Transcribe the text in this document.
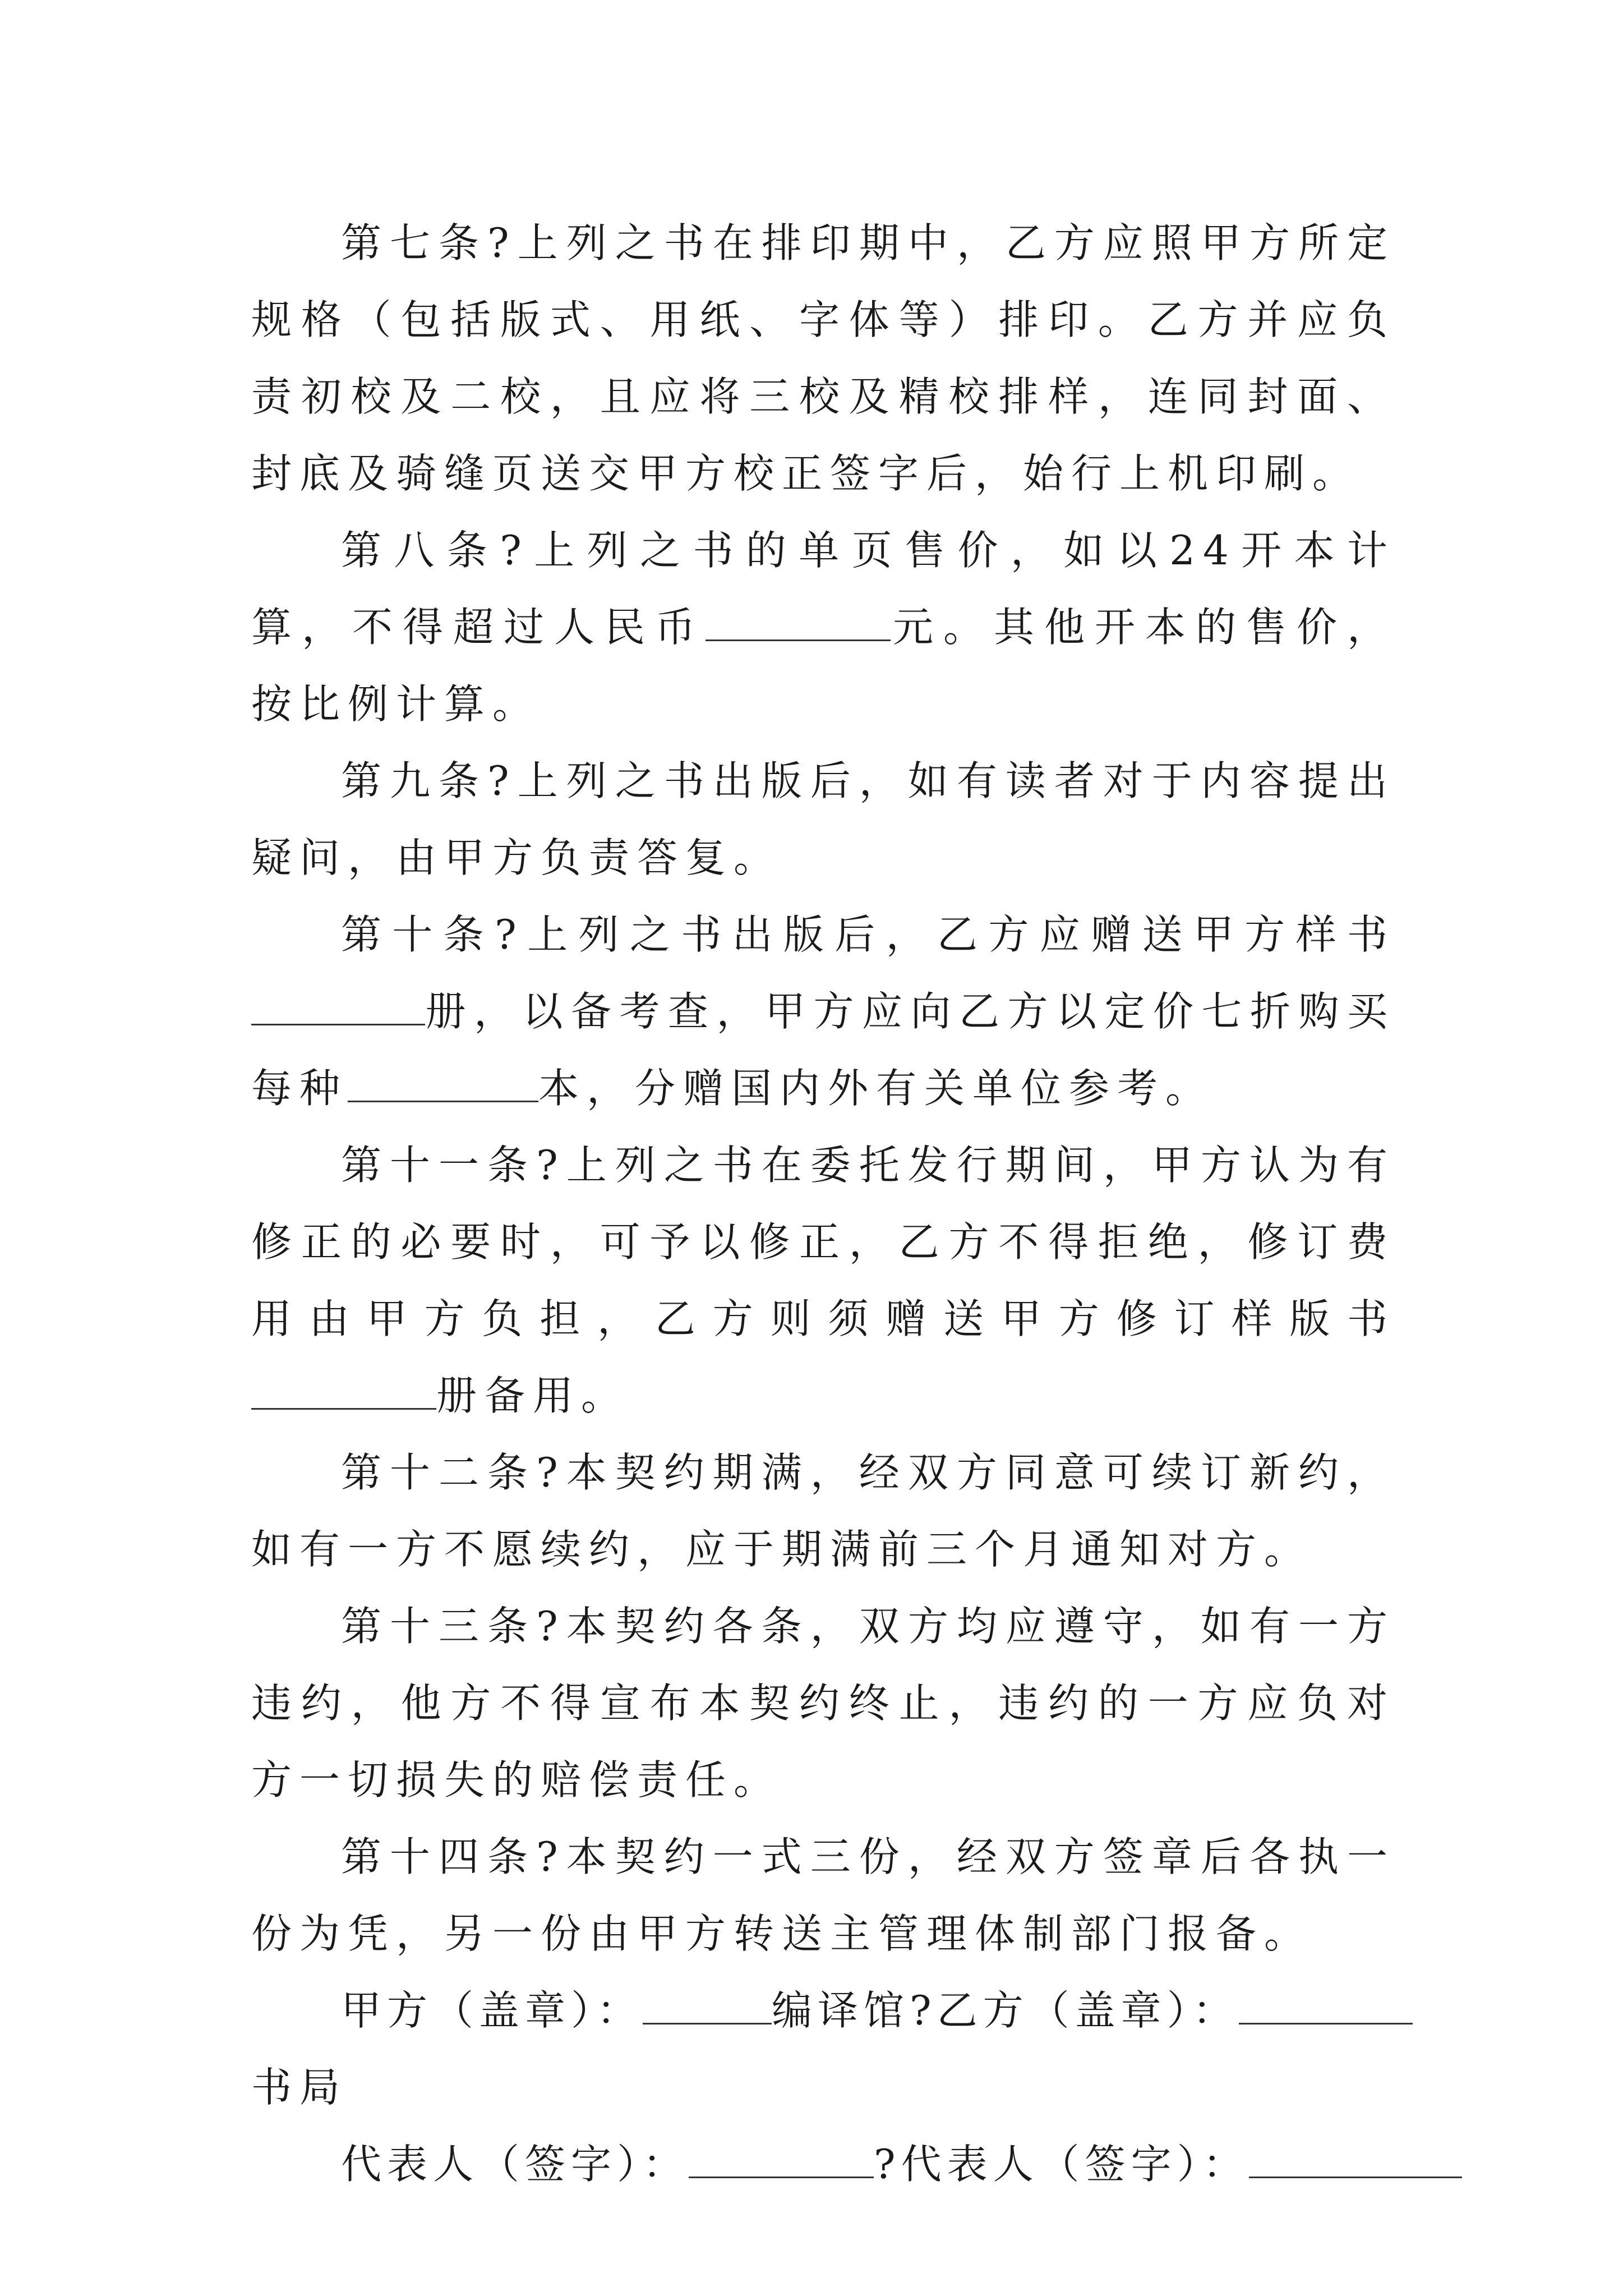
第七条?上列之书在排印期中，乙方应照甲方所定规格（包括版式、用纸、字体等）排印。乙方并应负责初校及二校，且应将三校及精校排样，连同封面、封底及骑缝页送交甲方校正签字后，始行上机印刷。

第八条?上列之书的单页售价，如以24开本计算，不得超过人民币	元。其他开本的售价，按比例计算。

第九条?上列之书出版后，如有读者对于内容提出疑问，由甲方负责答复。

第十条?上列之书出版后，乙方应赠送甲方样书册，以备考查，甲方应向乙方以定价七折购买每种	本，分赠国内外有关单位参考。

第十一条?上列之书在委托发行期间，甲方认为有修正的必要时，可予以修正，乙方不得拒绝，修订费用由甲方负担，乙方则须赠送甲方修订样版书册备用。

第十二条?本契约期满，经双方同意可续订新约，如有一方不愿续约，应于期满前三个月通知对方。

第十三条?本契约各条，双方均应遵守，如有一方违约，他方不得宣布本契约终止，违约的一方应负对方一切损失的赔偿责任。

第十四条?本契约一式三份，经双方签章后各执一份为凭，另一份由甲方转送主管理体制部门报备。

甲方（盖章）：	编译馆?乙方（盖章）：

书局

代表人（签字）：	?代表人（签字）：
